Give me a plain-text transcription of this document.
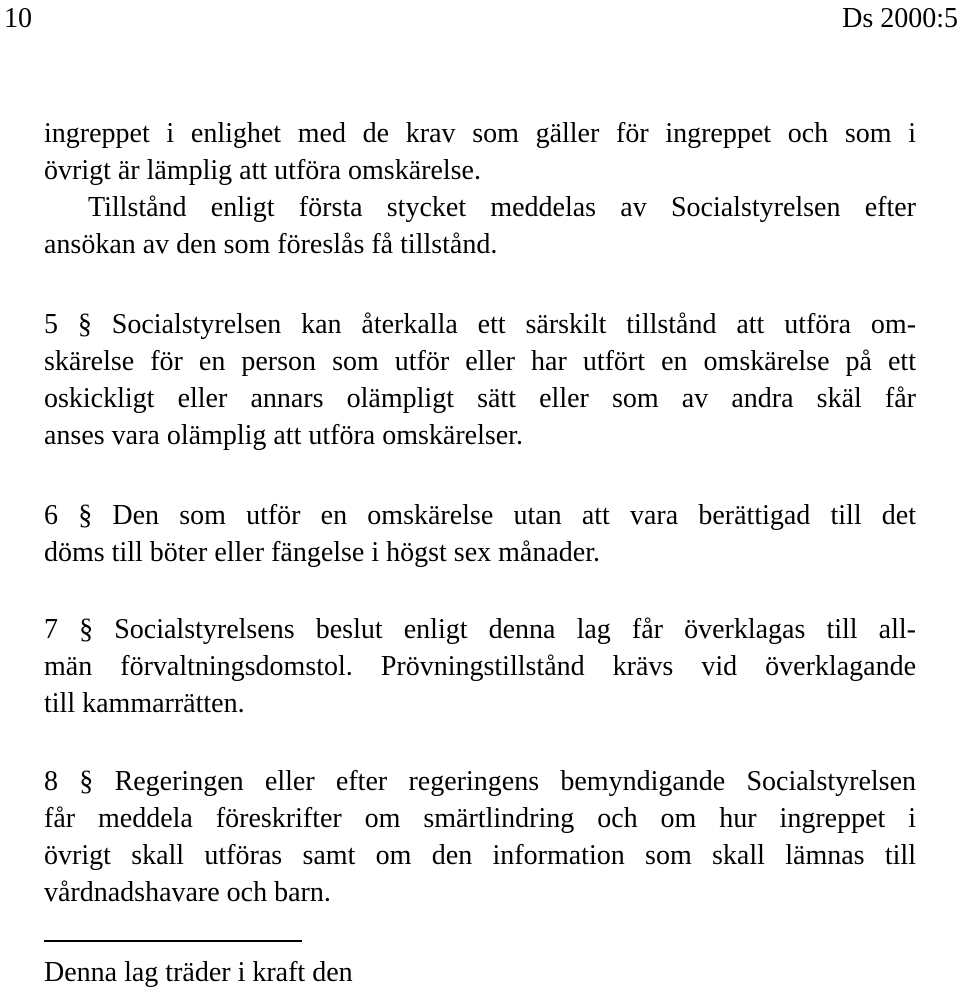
10	Ds 2000:5

ingreppet i enlighet med de krav som gäller för ingreppet och som i
övrigt är lämplig att utföra omskärelse.

Tillstånd enligt första stycket meddelas av Socialstyrelsen efter
ansökan av den som föreslås få tillstånd.

5 § Socialstyrelsen kan återkalla ett särskilt tillstånd att utföra om-
skärelse för en person som utför eller har utfört en omskärelse på ett
oskickligt eller annars olämpligt sätt eller som av andra skäl får
anses vara olämplig att utföra omskärelser.

6 § Den som utför en omskärelse utan att vara berättigad till det
döms till böter eller fängelse i högst sex månader.

7 § Socialstyrelsens beslut enligt denna lag får överklagas till all-
män förvaltningsdomstol. Prövningstillstånd krävs vid överklagande
till kammarrätten.

8 § Regeringen eller efter regeringens bemyndigande Socialstyrelsen
får meddela föreskrifter om smärtlindring och om hur ingreppet i
övrigt skall utföras samt om den information som skall lämnas till
vårdnadshavare och barn.

Denna lag träder i kraft den
